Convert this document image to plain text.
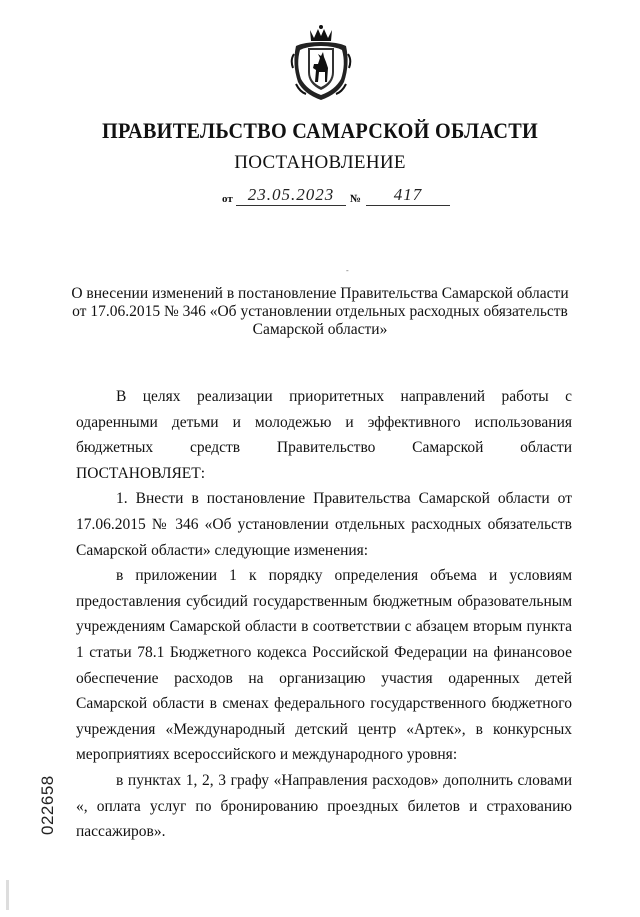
ПРАВИТЕЛЬСТВО САМАРСКОЙ ОБЛАСТИ
ПОСТАНОВЛЕНИЕ
от 23.05.2023	№	417
-
О внесении изменений в постановление Правительства Самарской области
от 17.06.2015 № 346 «Об установлении отдельных расходных обязательств
Самарской области»

В целях реализации приоритетных направлений работы с одаренными детьми и молодежью и эффективного использования бюджетных средств Правительство Самарской области ПОСТАНОВЛЯЕТ:

1. Внести в постановление Правительства Самарской области от 17.06.2015 № 346 «Об установлении отдельных расходных обязательств Самарской области» следующие изменения:

в приложении 1 к порядку определения объема и условиям предоставления субсидий государственным бюджетным образовательным учреждениям Самарской области в соответствии с абзацем вторым пункта 1 статьи 78.1 Бюджетного кодекса Российской Федерации на финансовое обеспечение расходов на организацию участия одаренных детей Самарской области в сменах федерального государственного бюджетного учреждения «Международный детский центр «Артек», в конкурсных мероприятиях всероссийского и международного уровня:

в пунктах 1, 2, 3 графу «Направления расходов» дополнить словами «, оплата услуг по бронированию проездных билетов и страхованию пассажиров».

022658
